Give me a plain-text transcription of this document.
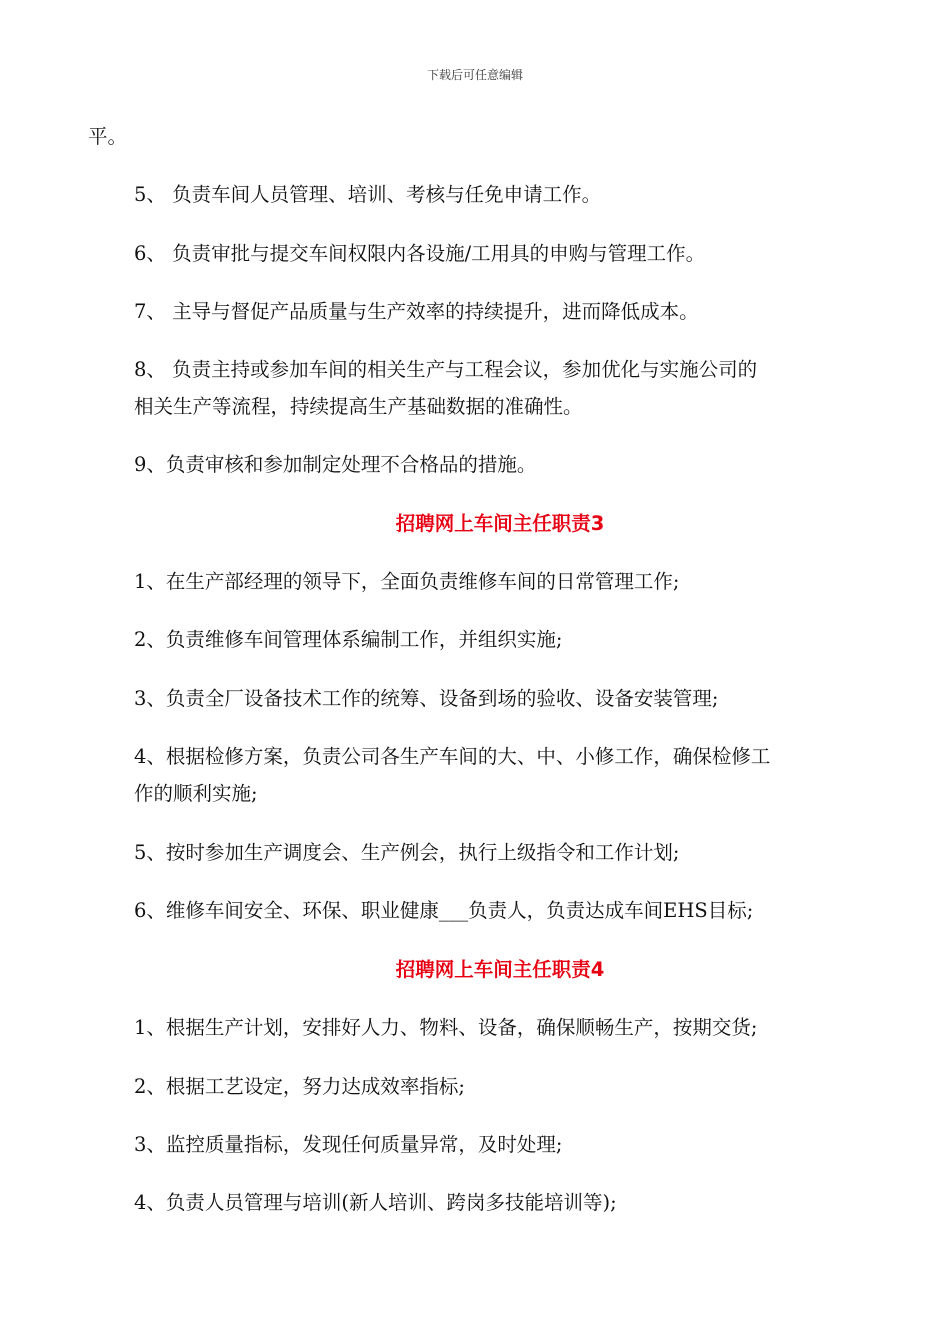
下载后可任意编辑

平。

5、 负责车间人员管理、培训、考核与任免申请工作。

6、 负责审批与提交车间权限内各设施/工用具的申购与管理工作。

7、 主导与督促产品质量与生产效率的持续提升，进而降低成本。

8、 负责主持或参加车间的相关生产与工程会议，参加优化与实施公司的
相关生产等流程，持续提高生产基础数据的准确性。

9、负责审核和参加制定处理不合格品的措施。

招聘网上车间主任职责3

1、在生产部经理的领导下，全面负责维修车间的日常管理工作;

2、负责维修车间管理体系编制工作，并组织实施;

3、负责全厂设备技术工作的统筹、设备到场的验收、设备安装管理;

4、根据检修方案，负责公司各生产车间的大、中、小修工作，确保检修工
作的顺利实施;

5、按时参加生产调度会、生产例会，执行上级指令和工作计划;

6、维修车间安全、环保、职业健康___负责人，负责达成车间EHS目标;

招聘网上车间主任职责4

1、根据生产计划，安排好人力、物料、设备，确保顺畅生产，按期交货;

2、根据工艺设定，努力达成效率指标;

3、监控质量指标，发现任何质量异常，及时处理;

4、负责人员管理与培训(新人培训、跨岗多技能培训等);
